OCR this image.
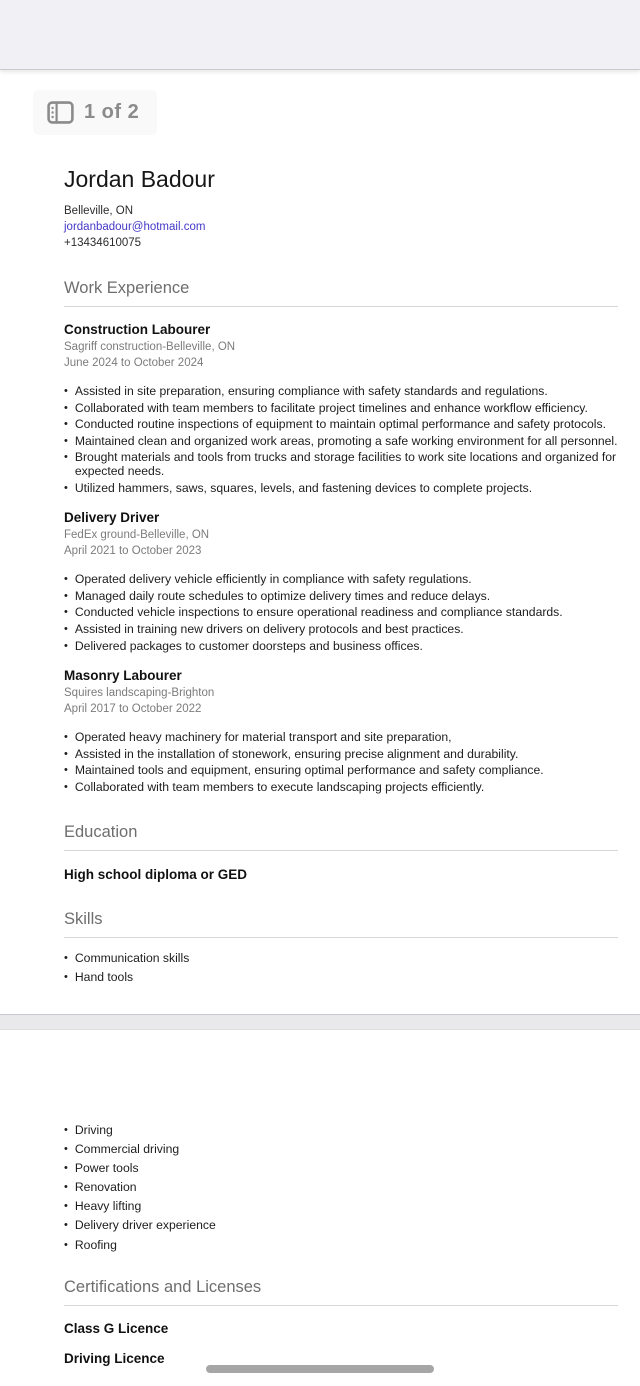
1 of 2
Jordan Badour
Belleville, ON
jordanbadour@hotmail.com
+13434610075
Work Experience
Construction Labourer
Sagriff construction-Belleville, ON
June 2024 to October 2024
• Assisted in site preparation, ensuring compliance with safety standards and regulations.
• Collaborated with team members to facilitate project timelines and enhance workflow efficiency.
• Conducted routine inspections of equipment to maintain optimal performance and safety protocols.
• Maintained clean and organized work areas, promoting a safe working environment for all personnel.
• Brought materials and tools from trucks and storage facilities to work site locations and organized for expected needs.
• Utilized hammers, saws, squares, levels, and fastening devices to complete projects.
Delivery Driver
FedEx ground-Belleville, ON
April 2021 to October 2023
• Operated delivery vehicle efficiently in compliance with safety regulations.
• Managed daily route schedules to optimize delivery times and reduce delays.
• Conducted vehicle inspections to ensure operational readiness and compliance standards.
• Assisted in training new drivers on delivery protocols and best practices.
• Delivered packages to customer doorsteps and business offices.
Masonry Labourer
Squires landscaping-Brighton
April 2017 to October 2022
• Operated heavy machinery for material transport and site preparation,
• Assisted in the installation of stonework, ensuring precise alignment and durability.
• Maintained tools and equipment, ensuring optimal performance and safety compliance.
• Collaborated with team members to execute landscaping projects efficiently.
Education
High school diploma or GED
Skills
• Communication skills
• Hand tools
• Driving
• Commercial driving
• Power tools
• Renovation
• Heavy lifting
• Delivery driver experience
• Roofing
Certifications and Licenses
Class G Licence
Driving Licence
